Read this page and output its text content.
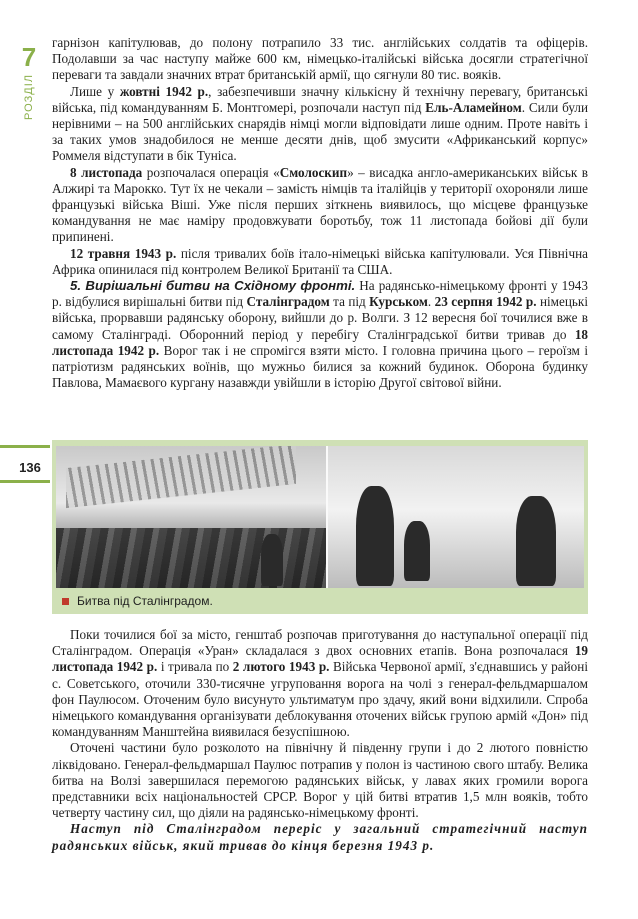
7
РОЗДІЛ
136

гарнізон капітулював, до полону потрапило 33 тис. англійських солдатів та офіцерів. Подолавши за час наступу майже 600 км, німецько-італійські війська досягли стратегічної переваги та завдали значних втрат британській армії, що сягнули 80 тис. вояків.

Лише у жовтні 1942 р., забезпечивши значну кількісну й технічну перевагу, британські війська, під командуванням Б. Монтгомері, розпочали наступ під Ель-Аламейном. Сили були нерівними – на 500 англійських снарядів німці могли відповідати лише одним. Проте навіть і за таких умов знадобилося не менше десяти днів, щоб змусити «Африканський корпус» Роммеля відступати в бік Туніса.

8 листопада розпочалася операція «Смолоскип» – висадка англо-американських військ в Алжирі та Марокко. Тут їх не чекали – замість німців та італійців у території охороняли лише французькі війська Віші. Уже після перших зіткнень виявилось, що місцеве французьке командування не має наміру продовжувати боротьбу, тож 11 листопада бойові дії були припинені.

12 травня 1943 р. після тривалих боїв італо-німецькі війська капітулювали. Уся Північна Африка опинилася під контролем Великої Британії та США.

5. Вирішальні битви на Східному фронті. На радянсько-німецькому фронті у 1943 р. відбулися вирішальні битви під Сталінградом та під Курськом. 23 серпня 1942 р. німецькі війська, прорвавши радянську оборону, вийшли до р. Волги. З 12 вересня бої точилися вже в самому Сталінграді. Оборонний період у перебігу Сталінградської битви тривав до 18 листопада 1942 р. Ворог так і не спромігся взяти місто. І головна причина цього – героїзм і патріотизм радянських воїнів, що мужньо билися за кожний будинок. Оборона будинку Павлова, Мамаєвого кургану назавжди увійшли в історію Другої світової війни.

Битва під Сталінградом.

Поки точилися бої за місто, генштаб розпочав приготування до наступальної операції під Сталінградом. Операція «Уран» складалася з двох основних етапів. Вона розпочалася 19 листопада 1942 р. і тривала по 2 лютого 1943 р. Війська Червоної армії, з'єднавшись у районі с. Советського, оточили 330-тисячне угруповання ворога на чолі з генерал-фельдмаршалом фон Паулюсом. Оточеним було висунуто ультиматум про здачу, який вони відхилили. Спроба німецького командування організувати деблокування оточених військ групою армій «Дон» під командуванням Манштейна виявилася безуспішною.

Оточені частини було розколото на північну й південну групи і до 2 лютого повністю ліквідовано. Генерал-фельдмаршал Паулюс потрапив у полон із частиною свого штабу. Велика битва на Волзі завершилася перемогою радянських військ, у лавах яких громили ворога представники всіх національностей СРСР. Ворог у цій битві втратив 1,5 млн вояків, тобто четверту частину сил, що діяли на радянсько-німецькому фронті.

Наступ під Сталінградом переріс у загальний стратегічний наступ радянських військ, який тривав до кінця березня 1943 р.
